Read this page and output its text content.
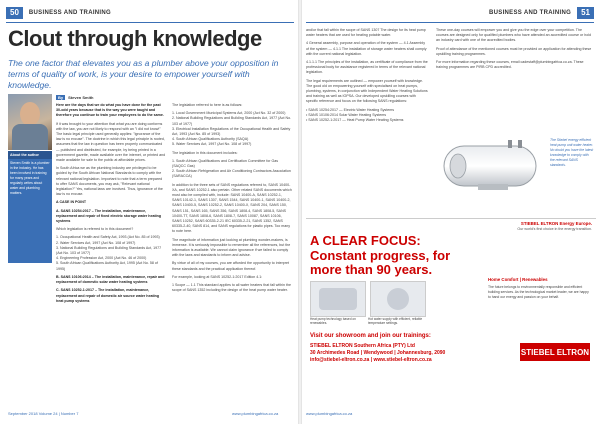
50	BUSINESS AND TRAINING
Clout through knowledge
The one factor that elevates you as a plumber above your opposition in terms of quality of work, is your desire to empower yourself with knowledge.
By	Steven Smith
About the author
Steven Smith is a plumber in the industry. He has been involved in training for many years and regularly writes about water and plumbing matters.

Here are the days that we do what you have done for the past 30-odd years because that is the way you were taught and therefore you continue to train your employees to do the same.

If it was brought to your attention that what you are doing conforms with the law, you are not likely to respond with an "I did not know!" The basic legal principle used generally applies: "ignorance of the law is no excuse". The doctrine in which this legal principle is rooted, assumes that the law in question has been properly communicated — published and distributed, for example, by being printed in a government gazette, made available over the internet, or printed and made available for sale to the public at affordable prices.

In South Africa we as the plumbing industry are privileged to be guided by the South African National Standards to comply with the relevant national legislation. Important to note that a term prepared to offer SANS documents, you may ask, "Relevant national legislation?" Yes, national laws are involved. Thus, ignorance of the law is no excuse.

A CASE IN POINT

A. SANS 10254:2017 – The installation, maintenance, replacement and repair of fixed electric storage water heating systems

Which legislation is referred to in this document?

1. Occupational Health and Safety Act, 1993 (Act No. 85 of 1993)
2. Water Services Act, 1997 (Act No. 108 of 1997)
3. National Building Regulations and Building Standards Act, 1977 (Act No. 103 of 1977)
4. Engineering Profession Act, 2000 (Act No. 46 of 2000)
5. South African Qualifications Authority Act, 1995 (Act No. 58 of 1995)

B. SANS 10106:2014 – The installation, maintenance, repair and replacement of domestic solar water heating systems

C. SANS 10252-1:2017 – The installation, maintenance, replacement and repair of domestic air source water heating heat pump systems

The legislation referred to here is as follows:

1. Local Government Municipal Systems Act, 2000 (Act No. 32 of 2000)
2. National Building Regulations and Building Standards Act, 1977 (Act No. 103 of 1977)
3. Electrical Installation Regulations of the Occupational Health and Safety Act, 1993 (Act No. 85 of 1993)
4. South African Qualifications Authority (SAQA)
5. Water Services Act, 1997 (Act No. 108 of 1997)

The legislation in this document includes:

1. South African Qualifications and Certification Committee for Gas (SAQCC Gas)
2. South African Refrigeration and Air Conditioning Contractors Association (SARACCA)

In addition to the three sets of SANS regulations referred to, SANS 10400-XA, and SANS 10252-1 also pertain. Other related SANS documents which must also be complied with, include: SANS 10400-A, SANS 10252-1, SANS 10142-1, SANS 1307, SANS 1544, SANS 10400-1, SANS 10400-2, SANS 10400-5, SANS 10252-2, SANS 10400-X, SANS 204, SANS 150, SANS 151, SANS 165, SANS 356, SANS 1808-4, SANS 1808-5, SANS 10400-TT, SANS 1808-6, SANS 1808-7, SANS 10087, SANS 10106, SANS 10252, SANS 60335-2-21 IEC 60335-2-21, SANS 1352, SANS 60335-2-40, SANS 814, and SANS regulations for plastic pipes. Too many to note here.

The magnitude of information just looking at plumbing wonder-makers, is immense. It is seriously impossible to remember all the references, but the information is available. We cannot claim ignorance if we failed to comply with the laws and standards to inform and advise.

By virtue of all of my courses, you are afforded the opportunity to interpret these standards and the practical application thereof.

For example, looking at SANS 10252-1:2017 Edition 4.1:

1 Scope — 1.1 This standard applies to all water heaters that fall within the scope of SANS 1352 including the design of the heat pump water heater.

September 2018 Volume 24 | Number 7	www.plumbingafrica.co.za
BUSINESS AND TRAINING	51

and/or that fall within the scope of SANS 1307 The design for its heat pump water heaters that are used for heating potable water.

4 General assembly, purpose and operation of the system — 4.1 Assembly of the system — 4.1.1 The installation of storage water heaters shall comply with the current national legislation.

4.1.1.1 The principles of the installation, as certificate of compliance from the professional body for assistance registered in terms of the relevant national legislation.

The legal requirements are outlined — empower yourself with knowledge. The good old on empowering yourself with specialised on heat pumps, plumbing, systems, in conjunction with Independent Water Heating Solutions and training as well as IOPSA. Our developed upskilling courses with specific reference and focus on the following SANS regulations:

• SANS 10254:2017 — Electric Water Heating Systems
• SANS 10106:2014 Solar Water Heating Systems
• SANS 10252-1:2017 — Heat Pump Water Heating Systems

These one-day courses will empower you and give you the edge over your competition. The courses are designed only for qualified plumbers who have attended an accredited course or hold an industry card with one of the accredited bodies.

Proof of attendance of the mentioned courses must be provided on application for attending these upskilling training programmes.

For more information regarding these courses, email cadestaff@plumbingafrica.co.za. These training programmes are PIRB CPD accredited.

The Stiebel energy efficient heat pump unit water heater. No doubt you have the latest knowledge to comply with the relevant SANS standards.
STIEBEL ELTRON Energy Europe.
Our world's first choice in the energy transition.
A CLEAR FOCUS:
Constant progress, for more than 90 years.
Heat pump technology based on renewables.
Hot water supply with efficient, reliable temperature settings.
Home Comfort | Renewables
The future belongs to environmentally responsible and efficient building services. As the technological market leader, we are happy to hand our energy and passion on your behalf.
Visit our showroom and join our trainings:
STIEBEL ELTRON Southern Africa (PTY) Ltd
30 Archimedes Road | Wendywood | Johannesburg, 2090
info@stiebel-eltron.co.za | www.stiebel-eltron.co.za
STIEBEL ELTRON
www.plumbingafrica.co.za
